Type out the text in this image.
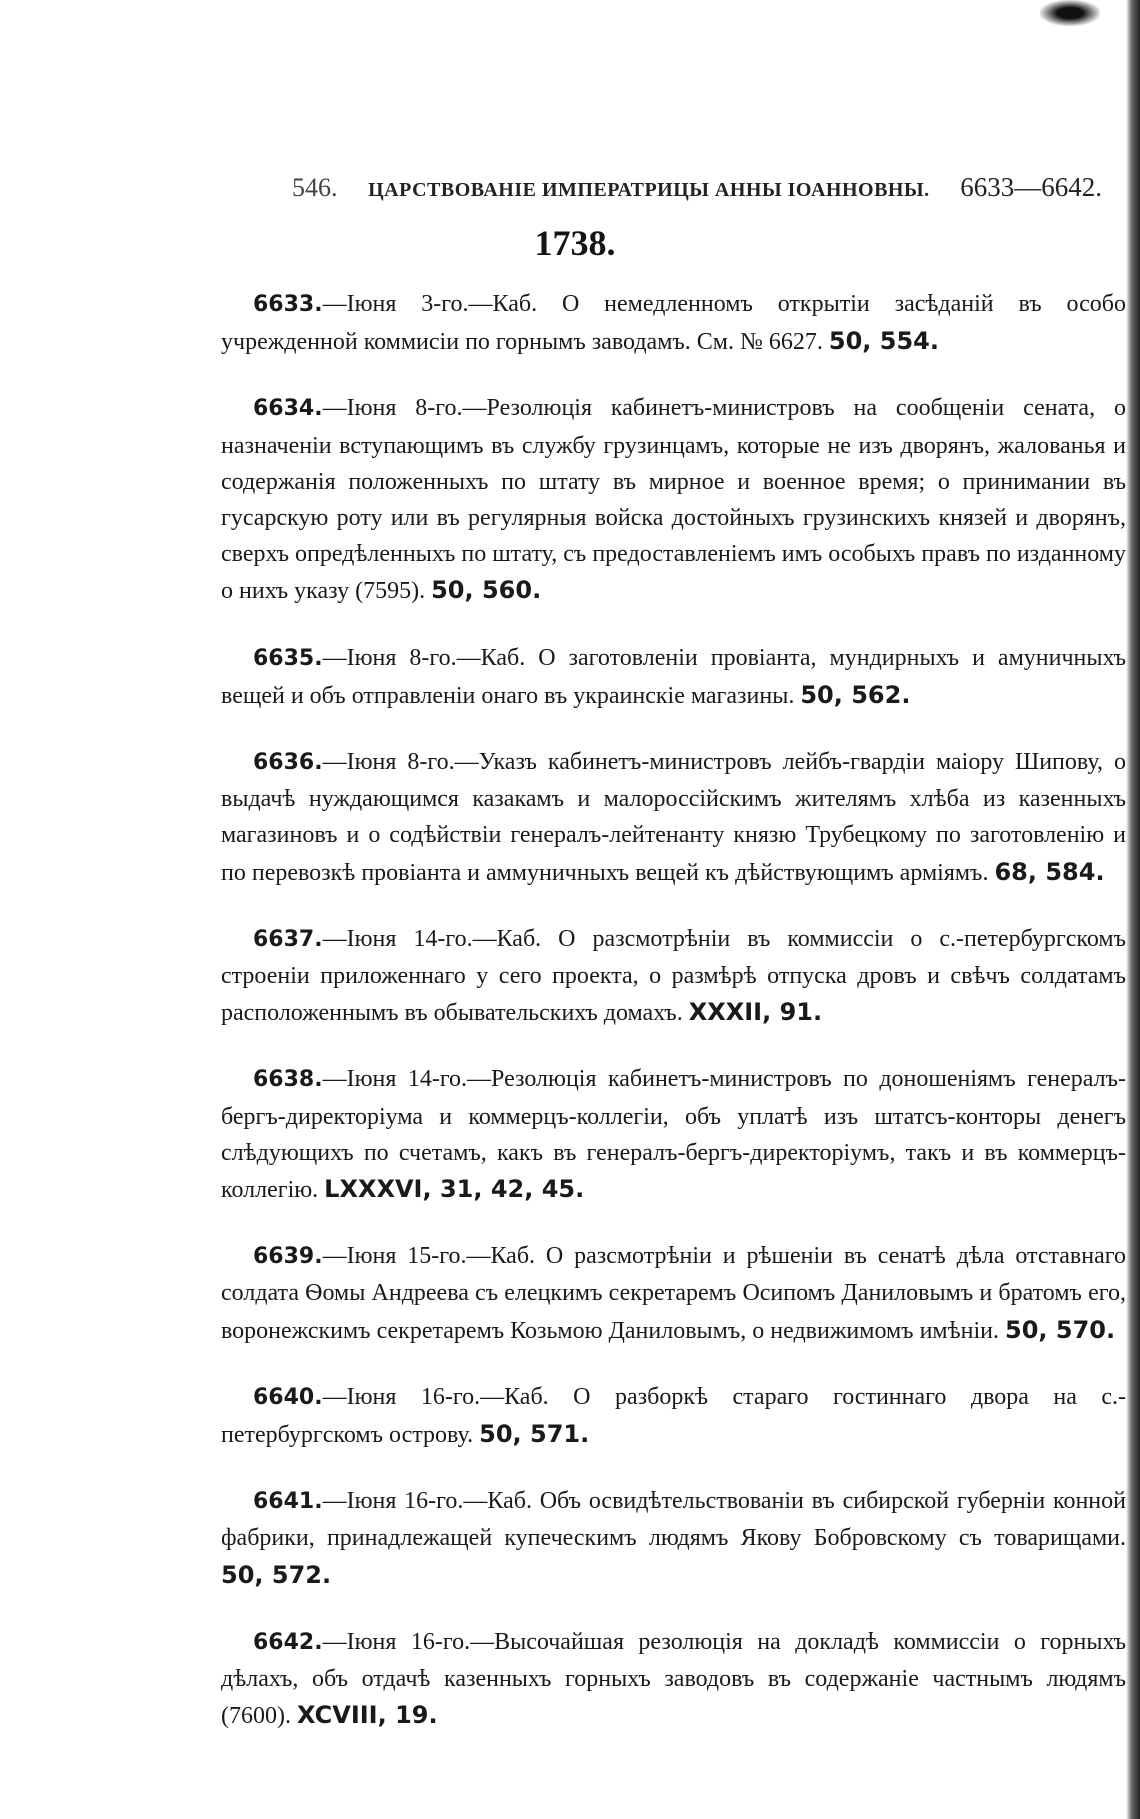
546. ЦАРСТВОВАНІЕ ИМПЕРАТРИЦЫ АННЫ ІОАННОВНЫ. 6633—6642.
1738.

6633.—Іюня 3-го.—Каб. О немедленномъ открытіи засѣданій въ особо учрежденной коммисіи по горнымъ заводамъ. См. № 6627. 50, 554.

6634.—Іюня 8-го.—Резолюція кабинетъ-министровъ на сообщеніи сената, о назначеніи вступающимъ въ службу грузинцамъ, которые не изъ дворянъ, жалованья и содержанія положенныхъ по штату въ мирное и военное время; о принимании въ гусарскую роту или въ регулярныя войска достойныхъ грузинскихъ князей и дворянъ, сверхъ опредѣленныхъ по штату, съ предоставленіемъ имъ особыхъ правъ по изданному о нихъ указу (7595). 50, 560.

6635.—Іюня 8-го.—Каб. О заготовленіи провіанта, мундирныхъ и амуничныхъ вещей и объ отправленіи онаго въ украинскіе магазины. 50, 562.

6636.—Іюня 8-го.—Указъ кабинетъ-министровъ лейбъ-гвардіи маіору Шипову, о выдачѣ нуждающимся казакамъ и малороссійскимъ жителямъ хлѣба из казенныхъ магазиновъ и о содѣйствіи генералъ-лейтенанту князю Трубецкому по заготовленію и по перевозкѣ провіанта и аммуничныхъ вещей къ дѣйствующимъ арміямъ. 68, 584.

6637.—Іюня 14-го.—Каб. О разсмотрѣніи въ коммиссіи о с.-петербургскомъ строеніи приложеннаго у сего проекта, о размѣрѣ отпуска дровъ и свѣчъ солдатамъ расположеннымъ въ обывательскихъ домахъ. XXXII, 91.

6638.—Іюня 14-го.—Резолюція кабинетъ-министровъ по доношеніямъ генералъ-бергъ-директоріума и коммерцъ-коллегіи, объ уплатѣ изъ штатсъ-конторы денегъ слѣдующихъ по счетамъ, какъ въ генералъ-бергъ-директоріумъ, такъ и въ коммерцъ-коллегію. LXXXVI, 31, 42, 45.

6639.—Іюня 15-го.—Каб. О разсмотрѣніи и рѣшеніи въ сенатѣ дѣла отставнаго солдата Ѳомы Андреева съ елецкимъ секретаремъ Осипомъ Даниловымъ и братомъ его, воронежскимъ секретаремъ Козьмою Даниловымъ, о недвижимомъ имѣніи. 50, 570.

6640.—Іюня 16-го.—Каб. О разборкѣ стараго гостиннаго двора на с.-петербургскомъ острову. 50, 571.

6641.—Іюня 16-го.—Каб. Объ освидѣтельствованіи въ сибирской губерніи конной фабрики, принадлежащей купеческимъ людямъ Якову Бобровскому съ товарищами. 50, 572.

6642.—Іюня 16-го.—Высочайшая резолюція на докладѣ коммиссіи о горныхъ дѣлахъ, объ отдачѣ казенныхъ горныхъ заводовъ въ содержаніе частнымъ людямъ (7600). XCVIII, 19.
